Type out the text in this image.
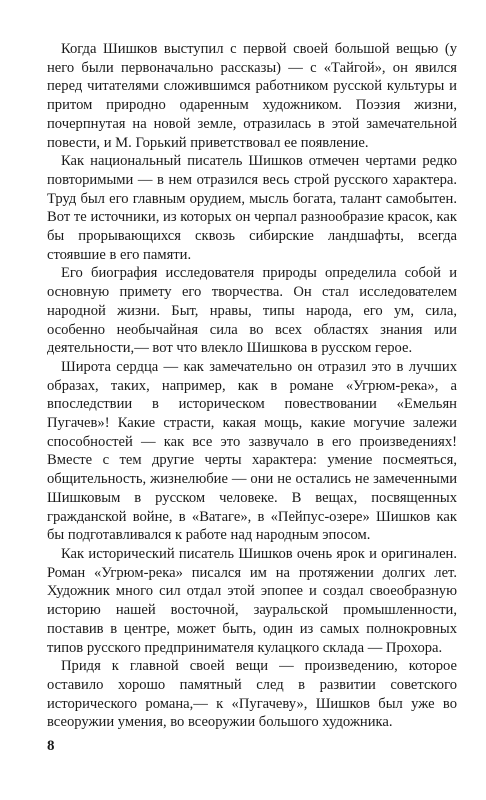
Когда Шишков выступил с первой своей большой вещью (у него были первоначально рассказы) — с «Тайгой», он явился перед читателями сложившимся работником русской культуры и притом природно одаренным художником. Поэзия жизни, почерпнутая на новой земле, отразилась в этой замечательной повести, и М. Горький приветствовал ее появление.

Как национальный писатель Шишков отмечен чертами редко повторимыми — в нем отразился весь строй русского характера. Труд был его главным орудием, мысль богата, талант самобытен. Вот те источники, из которых он черпал разнообразие красок, как бы прорывающихся сквозь сибирские ландшафты, всегда стоявшие в его памяти.

Его биография исследователя природы определила собой и основную примету его творчества. Он стал исследователем народной жизни. Быт, нравы, типы народа, его ум, сила, особенно необычайная сила во всех областях знания или деятельности,— вот что влекло Шишкова в русском герое.

Широта сердца — как замечательно он отразил это в лучших образах, таких, например, как в романе «Угрюм-река», а впоследствии в историческом повествовании «Емельян Пугачев»! Какие страсти, какая мощь, какие могучие залежи способностей — как все это зазвучало в его произведениях! Вместе с тем другие черты характера: умение посмеяться, общительность, жизнелюбие — они не остались не замеченными Шишковым в русском человеке. В вещах, посвященных гражданской войне, в «Ватаге», в «Пейпус-озере» Шишков как бы подготавливался к работе над народным эпосом.

Как исторический писатель Шишков очень ярок и оригинален. Роман «Угрюм-река» писался им на протяжении долгих лет. Художник много сил отдал этой эпопее и создал своеобразную историю нашей восточной, зауральской промышленности, поставив в центре, может быть, один из самых полнокровных типов русского предпринимателя кулацкого склада — Прохора.

Придя к главной своей вещи — произведению, которое оставило хорошо памятный след в развитии советского исторического романа,— к «Пугачеву», Шишков был уже во всеоружии умения, во всеоружии большого художника.

8
